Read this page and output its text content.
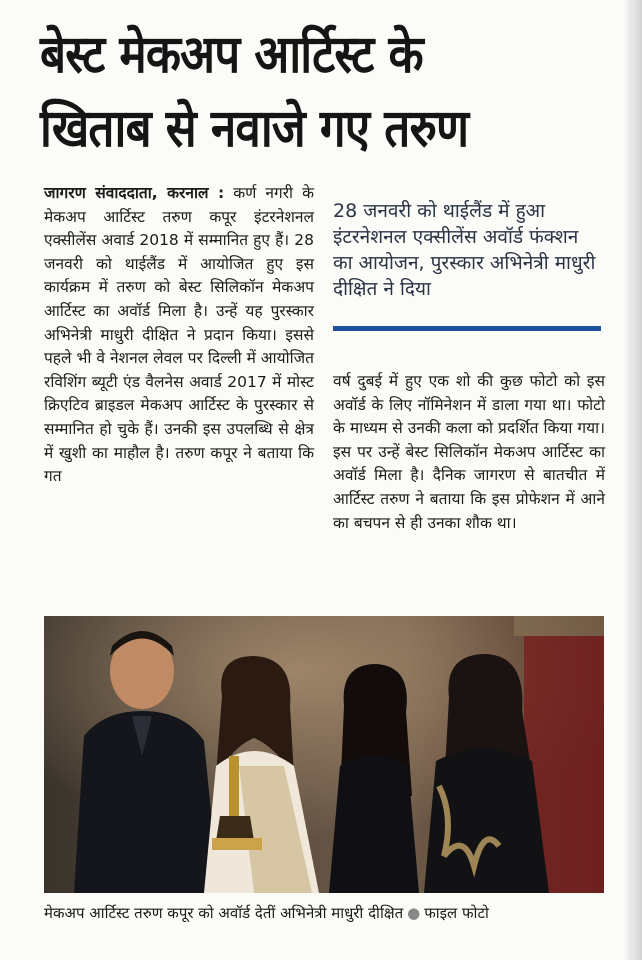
बेस्ट मेकअप आर्टिस्ट के
खिताब से नवाजे गए तरुण
जागरण संवाददाता, करनाल : कर्ण नगरी के मेकअप आर्टिस्ट तरुण कपूर इंटरनेशनल एक्सीलेंस अवार्ड 2018 में सम्मानित हुए हैं। 28 जनवरी को थाईलैंड में आयोजित हुए इस कार्यक्रम में तरुण को बेस्ट सिलिकॉन मेकअप आर्टिस्ट का अवॉर्ड मिला है। उन्हें यह पुरस्कार अभिनेत्री माधुरी दीक्षित ने प्रदान किया। इससे पहले भी वे नेशनल लेवल पर दिल्ली में आयोजित रविशिंग ब्यूटी एंड वैलनेस अवार्ड 2017 में मोस्ट क्रिएटिव ब्राइडल मेकअप आर्टिस्ट के पुरस्कार से सम्मानित हो चुके हैं। उनकी इस उपलब्धि से क्षेत्र में खुशी का माहौल है। तरुण कपूर ने बताया कि गत
28 जनवरी को थाईलैंड में हुआ इंटरनेशनल एक्सीलेंस अवॉर्ड फंक्शन का आयोजन, पुरस्कार अभिनेत्री माधुरी दीक्षित ने दिया
वर्ष दुबई में हुए एक शो की कुछ फोटो को इस अवॉर्ड के लिए नॉमिनेशन में डाला गया था। फोटो के माध्यम से उनकी कला को प्रदर्शित किया गया। इस पर उन्हें बेस्ट सिलिकॉन मेकअप आर्टिस्ट का अवॉर्ड मिला है। दैनिक जागरण से बातचीत में आर्टिस्ट तरुण ने बताया कि इस प्रोफेशन में आने का बचपन से ही उनका शौक था।
मेकअप आर्टिस्ट तरुण कपूर को अवॉर्ड देतीं अभिनेत्री माधुरी दीक्षित ● फाइल फोटो
